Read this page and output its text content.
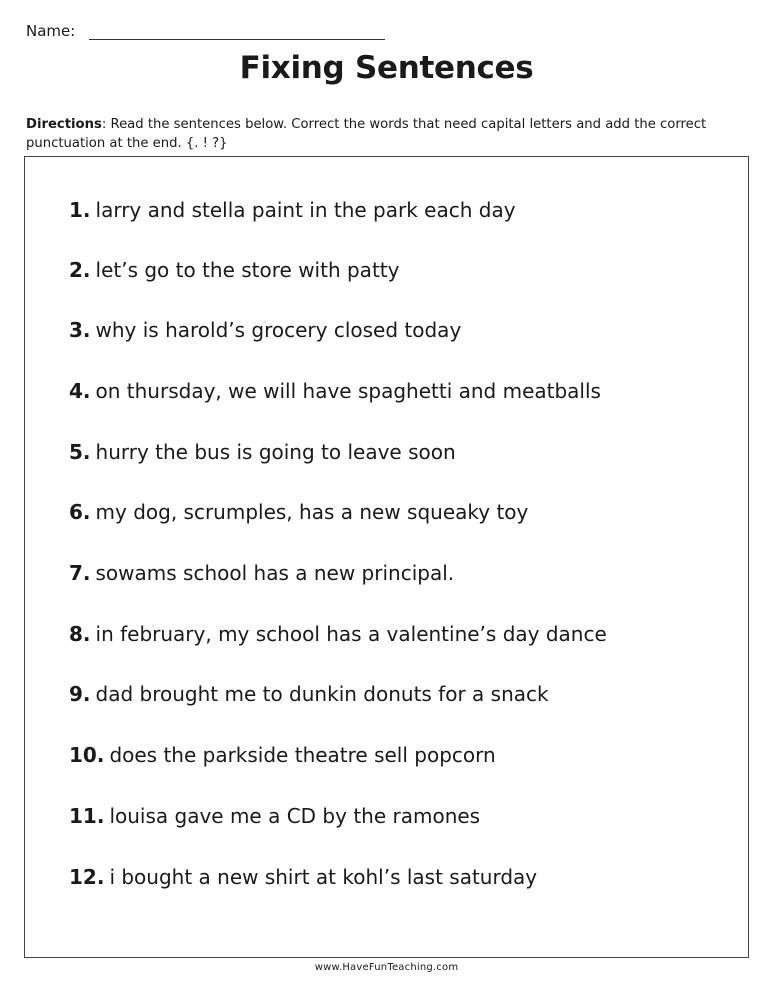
Name:
Fixing Sentences
Directions: Read the sentences below. Correct the words that need capital letters and add the correct punctuation at the end. {. ! ?}
1. larry and stella paint in the park each day
2. let’s go to the store with patty
3. why is harold’s grocery closed today
4. on thursday, we will have spaghetti and meatballs
5. hurry the bus is going to leave soon
6. my dog, scrumples, has a new squeaky toy
7. sowams school has a new principal.
8. in february, my school has a valentine’s day dance
9. dad brought me to dunkin donuts for a snack
10. does the parkside theatre sell popcorn
11. louisa gave me a CD by the ramones
12. i bought a new shirt at kohl’s last saturday
www.HaveFunTeaching.com
